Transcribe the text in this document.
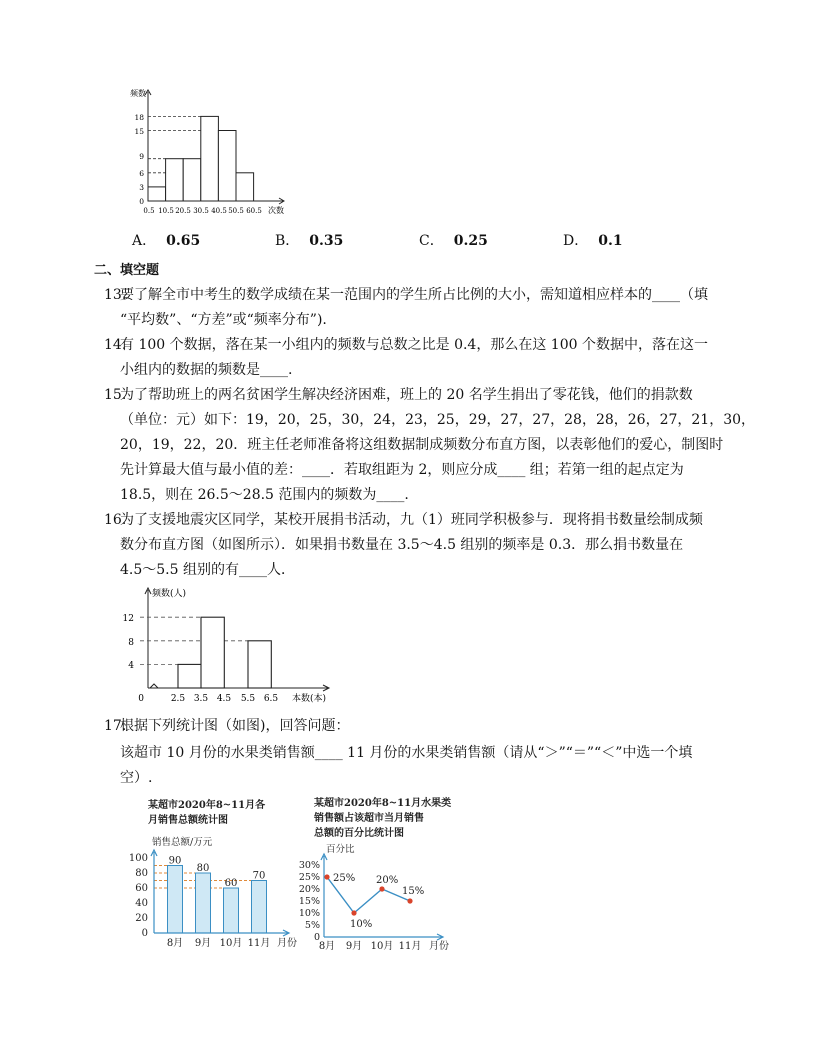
频数
次数
0
3
6
9
15
18
0.5 10.5 20.5 30.5 40.5 50.5 60.5
A． 0.65	B． 0.35	C． 0.25	D． 0.1
二、填空题
13.
要了解全市中考生的数学成绩在某一范围内的学生所占比例的大小，需知道相应样本的____（填
“平均数”、“方差”或“频率分布”).
14.
有 100 个数据，落在某一小组内的频数与总数之比是 0.4，那么在这 100 个数据中，落在这一
小组内的数据的频数是____.
15.
为了帮助班上的两名贫困学生解决经济困难，班上的 20 名学生捐出了零花钱，他们的捐款数
（单位：元）如下：19，20，25，30，24，23，25，29，27，27，28，28，26，27，21，30，
20，19，22，20．班主任老师准备将这组数据制成频数分布直方图，以表彰他们的爱心，制图时
先计算最大值与最小值的差：____．若取组距为 2，则应分成____ 组；若第一组的起点定为
18.5，则在 26.5～28.5 范围内的频数为____.
16.
为了支援地震灾区同学，某校开展捐书活动，九（1）班同学积极参与．现将捐书数量绘制成频
数分布直方图（如图所示）．如果捐书数量在 3.5～4.5 组别的频率是 0.3．那么捐书数量在
4.5～5.5 组别的有____人．
频数(人)
本数(本)
12
8
4
0	2.5 3.5 4.5 5.5 6.5
17.
根据下列统计图（如图)，回答问题：
该超市 10 月份的水果类销售额____ 11 月份的水果类销售额（请从“＞”“＝”“＜”中选一个填
空）.
某超市2020年8~11月各
月销售总额统计图
销售总额/万元
100
80
60
40
20
0
90
80
60
70
8月 9月 10月 11月 月份
某超市2020年8~11月水果类
销售额占该超市当月销售
总额的百分比统计图
百分比
30%
25%
20%
15%
10%
5%
0
25%
10%
20%
15%
8月 9月 10月 11月 月份
